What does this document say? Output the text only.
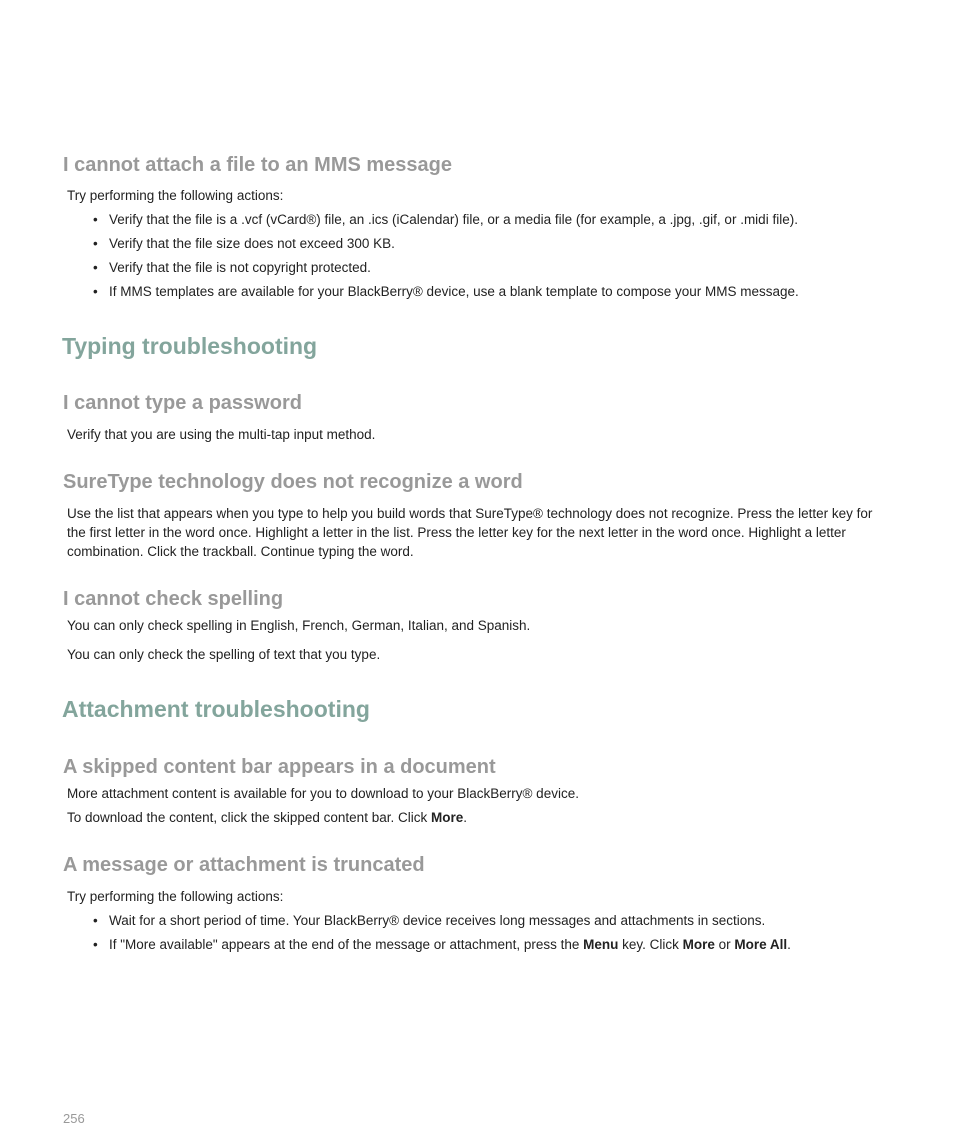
I cannot attach a file to an MMS message

Try performing the following actions:

• Verify that the file is a .vcf (vCard®) file, an .ics (iCalendar) file, or a media file (for example, a .jpg, .gif, or .midi file).
• Verify that the file size does not exceed 300 KB.
• Verify that the file is not copyright protected.
• If MMS templates are available for your BlackBerry® device, use a blank template to compose your MMS message.
Typing troubleshooting
I cannot type a password

Verify that you are using the multi-tap input method.

SureType technology does not recognize a word

Use the list that appears when you type to help you build words that SureType® technology does not recognize. Press the letter key for the first letter in the word once. Highlight a letter in the list. Press the letter key for the next letter in the word once. Highlight a letter combination. Click the trackball. Continue typing the word.

I cannot check spelling

You can only check spelling in English, French, German, Italian, and Spanish.

You can only check the spelling of text that you type.

Attachment troubleshooting
A skipped content bar appears in a document

More attachment content is available for you to download to your BlackBerry® device.

To download the content, click the skipped content bar. Click More.

A message or attachment is truncated

Try performing the following actions:

• Wait for a short period of time. Your BlackBerry® device receives long messages and attachments in sections.
• If "More available" appears at the end of the message or attachment, press the Menu key. Click More or More All.

256
